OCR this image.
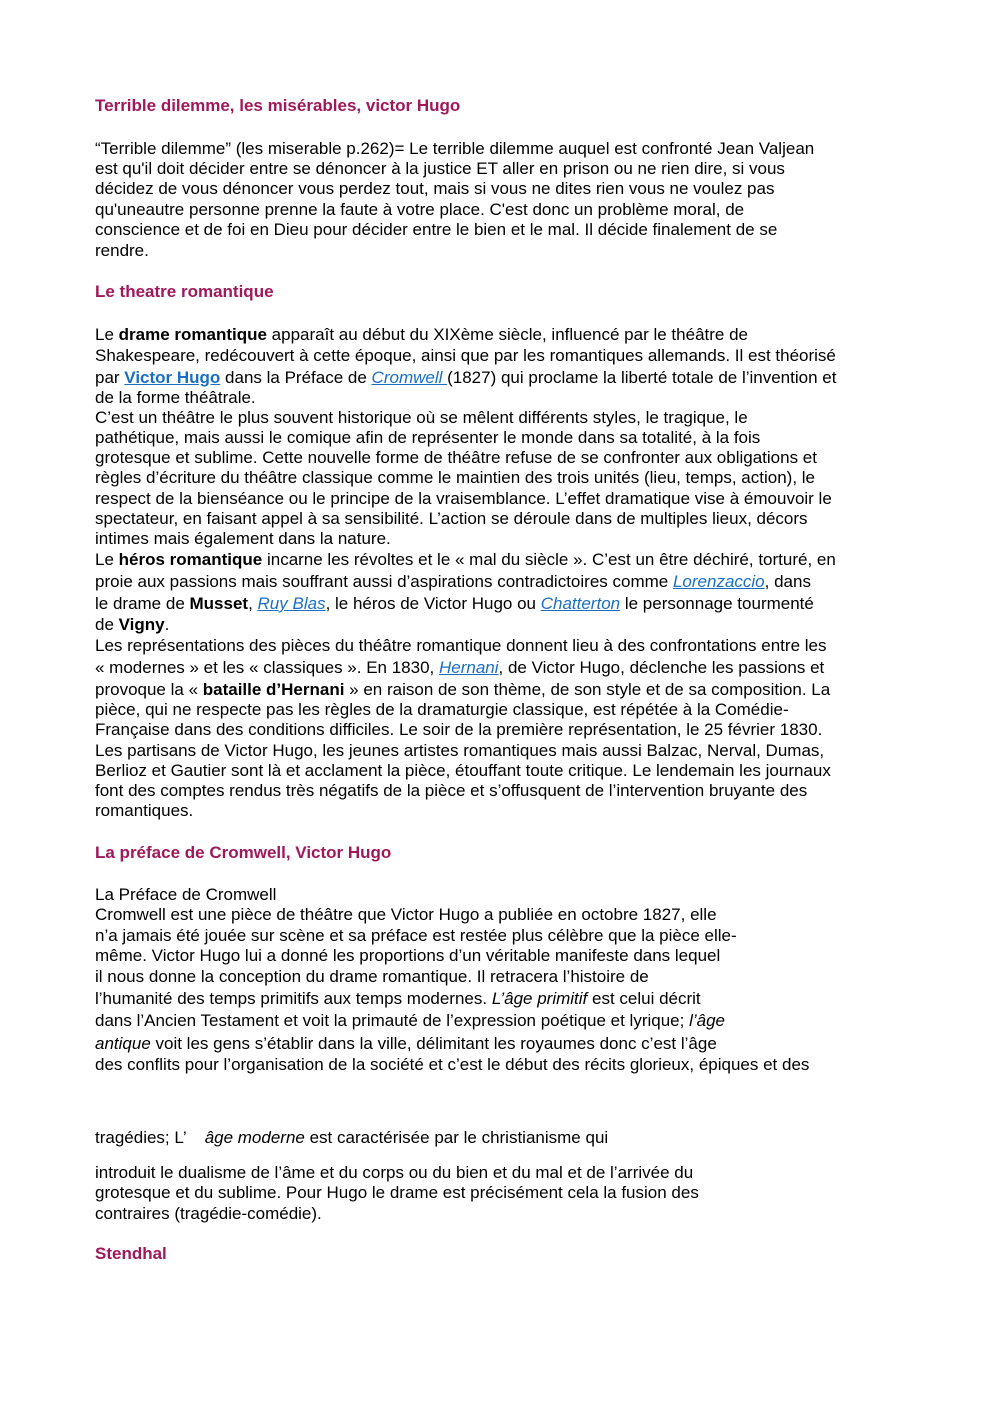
Terrible dilemme, les misérables, victor Hugo
“Terrible dilemme” (les miserable p.262)= Le terrible dilemme auquel est confronté Jean Valjean
est qu'il doit décider entre se dénoncer à la justice ET aller en prison ou ne rien dire, si vous
décidez de vous dénoncer vous perdez tout, mais si vous ne dites rien vous ne voulez pas
qu'uneautre personne prenne la faute à votre place. C'est donc un problème moral, de
conscience et de foi en Dieu pour décider entre le bien et le mal. Il décide finalement de se
rendre.
Le theatre romantique
Le drame romantique apparaît au début du XIXème siècle, influencé par le théâtre de
Shakespeare, redécouvert à cette époque, ainsi que par les romantiques allemands. Il est théorisé
par Victor Hugo dans la Préface de Cromwell (1827) qui proclame la liberté totale de l’invention et
de la forme théâtrale.
C’est un théâtre le plus souvent historique où se mêlent différents styles, le tragique, le
pathétique, mais aussi le comique afin de représenter le monde dans sa totalité, à la fois
grotesque et sublime. Cette nouvelle forme de théâtre refuse de se confronter aux obligations et
règles d’écriture du théâtre classique comme le maintien des trois unités (lieu, temps, action), le
respect de la bienséance ou le principe de la vraisemblance. L’effet dramatique vise à émouvoir le
spectateur, en faisant appel à sa sensibilité. L’action se déroule dans de multiples lieux, décors
intimes mais également dans la nature.
Le héros romantique incarne les révoltes et le « mal du siècle ». C’est un être déchiré, torturé, en
proie aux passions mais souffrant aussi d’aspirations contradictoires comme Lorenzaccio, dans
le drame de Musset, Ruy Blas, le héros de Victor Hugo ou Chatterton le personnage tourmenté
de Vigny.
Les représentations des pièces du théâtre romantique donnent lieu à des confrontations entre les
« modernes » et les « classiques ». En 1830, Hernani, de Victor Hugo, déclenche les passions et
provoque la « bataille d’Hernani » en raison de son thème, de son style et de sa composition. La
pièce, qui ne respecte pas les règles de la dramaturgie classique, est répétée à la Comédie-
Française dans des conditions difficiles. Le soir de la première représentation, le 25 février 1830.
Les partisans de Victor Hugo, les jeunes artistes romantiques mais aussi Balzac, Nerval, Dumas,
Berlioz et Gautier sont là et acclament la pièce, étouffant toute critique. Le lendemain les journaux
font des comptes rendus très négatifs de la pièce et s’offusquent de l’intervention bruyante des
romantiques.
La préface de Cromwell, Victor Hugo
La Préface de Cromwell
Cromwell est une pièce de théâtre que Victor Hugo a publiée en octobre 1827, elle
n’a jamais été jouée sur scène et sa préface est restée plus célèbre que la pièce elle-
même. Victor Hugo lui a donné les proportions d’un véritable manifeste dans lequel
il nous donne la conception du drame romantique. Il retracera l’histoire de
l’humanité des temps primitifs aux temps modernes. L’âge primitif est celui décrit
dans l’Ancien Testament et voit la primauté de l’expression poétique et lyrique; l’âge
antique voit les gens s’établir dans la ville, délimitant les royaumes donc c’est l’âge
des conflits pour l’organisation de la société et c’est le début des récits glorieux, épiques et des
tragédies; L’ âge moderne est caractérisée par le christianisme qui
introduit le dualisme de l’âme et du corps ou du bien et du mal et de l’arrivée du
grotesque et du sublime. Pour Hugo le drame est précisément cela la fusion des
contraires (tragédie-comédie).
Stendhal
